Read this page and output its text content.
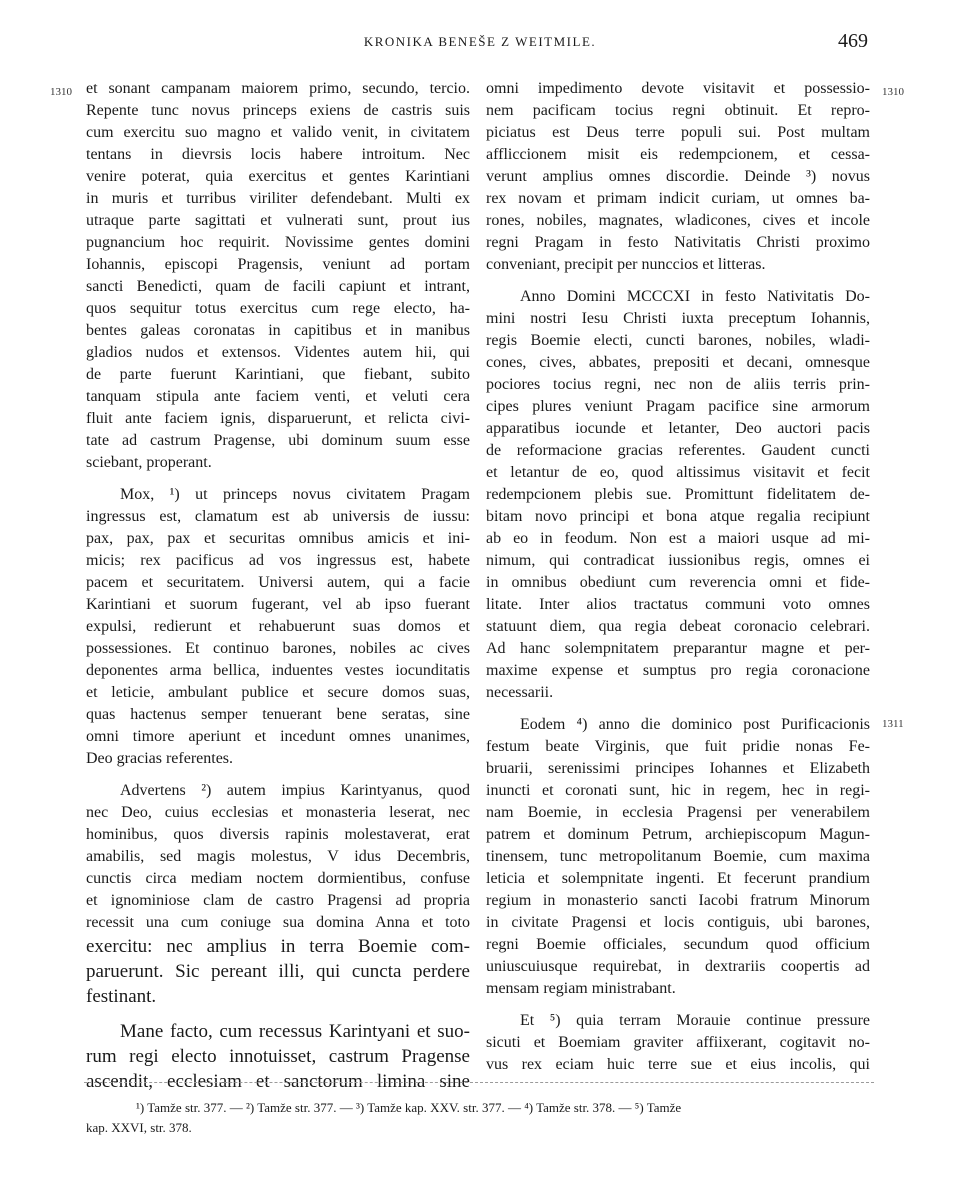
KRONIKA BENEŠE Z WEITMILE.	469
1310	1310
1311
et sonant campanam maiorem primo, secundo, tercio.
Repente tunc novus princeps exiens de castris suis
cum exercitu suo magno et valido venit, in civitatem
tentans in dievrsis locis habere introitum. Nec
venire poterat, quia exercitus et gentes Karintiani
in muris et turribus viriliter defendebant. Multi ex
utraque parte sagittati et vulnerati sunt, prout ius
pugnancium hoc requirit. Novissime gentes domini
Iohannis, episcopi Pragensis, veniunt ad portam
sancti Benedicti, quam de facili capiunt et intrant,
quos sequitur totus exercitus cum rege electo, ha-
bentes galeas coronatas in capitibus et in manibus
gladios nudos et extensos. Videntes autem hii, qui
de parte fuerunt Karintiani, que fiebant, subito
tanquam stipula ante faciem venti, et veluti cera
fluit ante faciem ignis, disparuerunt, et relicta civi-
tate ad castrum Pragense, ubi dominum suum esse
sciebant, properant.
Mox, ¹) ut princeps novus civitatem Pragam
ingressus est, clamatum est ab universis de iussu:
pax, pax, pax et securitas omnibus amicis et ini-
micis; rex pacificus ad vos ingressus est, habete
pacem et securitatem. Universi autem, qui a facie
Karintiani et suorum fugerant, vel ab ipso fuerant
expulsi, redierunt et rehabuerunt suas domos et
possessiones. Et continuo barones, nobiles ac cives
deponentes arma bellica, induentes vestes iocunditatis
et leticie, ambulant publice et secure domos suas,
quas hactenus semper tenuerant bene seratas, sine
omni timore aperiunt et incedunt omnes unanimes,
Deo gracias referentes.
Advertens ²) autem impius Karintyanus, quod
nec Deo, cuius ecclesias et monasteria leserat, nec
hominibus, quos diversis rapinis molestaverat, erat
amabilis, sed magis molestus, V idus Decembris,
cunctis circa mediam noctem dormientibus, confuse
et ignominiose clam de castro Pragensi ad propria
recessit una cum coniuge sua domina Anna et toto
exercitu: nec amplius in terra Boemie com-
paruerunt. Sic pereant illi, qui cuncta perdere
festinant.
Mane facto, cum recessus Karintyani et suo-
rum regi electo innotuisset, castrum Pragense
ascendit, ecclesiam et sanctorum limina sine
omni impedimento devote visitavit et possessio-
nem pacificam tocius regni obtinuit. Et repro-
piciatus est Deus terre populi sui. Post multam
affliccionem misit eis redempcionem, et cessa-
verunt amplius omnes discordie. Deinde ³) novus
rex novam et primam indicit curiam, ut omnes ba-
rones, nobiles, magnates, wladicones, cives et incole
regni Pragam in festo Nativitatis Christi proximo
conveniant, precipit per nunccios et litteras.
Anno Domini MCCCXI in festo Nativitatis Do-
mini nostri Iesu Christi iuxta preceptum Iohannis,
regis Boemie electi, cuncti barones, nobiles, wladi-
cones, cives, abbates, prepositi et decani, omnesque
pociores tocius regni, nec non de aliis terris prin-
cipes plures veniunt Pragam pacifice sine armorum
apparatibus iocunde et letanter, Deo auctori pacis
de reformacione gracias referentes. Gaudent cuncti
et letantur de eo, quod altissimus visitavit et fecit
redempcionem plebis sue. Promittunt fidelitatem de-
bitam novo principi et bona atque regalia recipiunt
ab eo in feodum. Non est a maiori usque ad mi-
nimum, qui contradicat iussionibus regis, omnes ei
in omnibus obediunt cum reverencia omni et fide-
litate. Inter alios tractatus communi voto omnes
statuunt diem, qua regia debeat coronacio celebrari.
Ad hanc solempnitatem preparantur magne et per-
maxime expense et sumptus pro regia coronacione
necessarii.
Eodem ⁴) anno die dominico post Purificacionis
festum beate Virginis, que fuit pridie nonas Fe-
bruarii, serenissimi principes Iohannes et Elizabeth
inuncti et coronati sunt, hic in regem, hec in regi-
nam Boemie, in ecclesia Pragensi per venerabilem
patrem et dominum Petrum, archiepiscopum Magun-
tinensem, tunc metropolitanum Boemie, cum maxima
leticia et solempnitate ingenti. Et fecerunt prandium
regium in monasterio sancti Iacobi fratrum Minorum
in civitate Pragensi et locis contiguis, ubi barones,
regni Boemie officiales, secundum quod officium
uniuscuiusque requirebat, in dextrariis coopertis ad
mensam regiam ministrabant.
Et ⁵) quia terram Morauie continue pressure
sicuti et Boemiam graviter affiixerant, cogitavit no-
vus rex eciam huic terre sue et eius incolis, qui
¹) Tamže str. 377. — ²) Tamže str. 377. — ³) Tamže kap. XXV. str. 377. — ⁴) Tamže str. 378. — ⁵) Tamže
kap. XXVI, str. 378.
